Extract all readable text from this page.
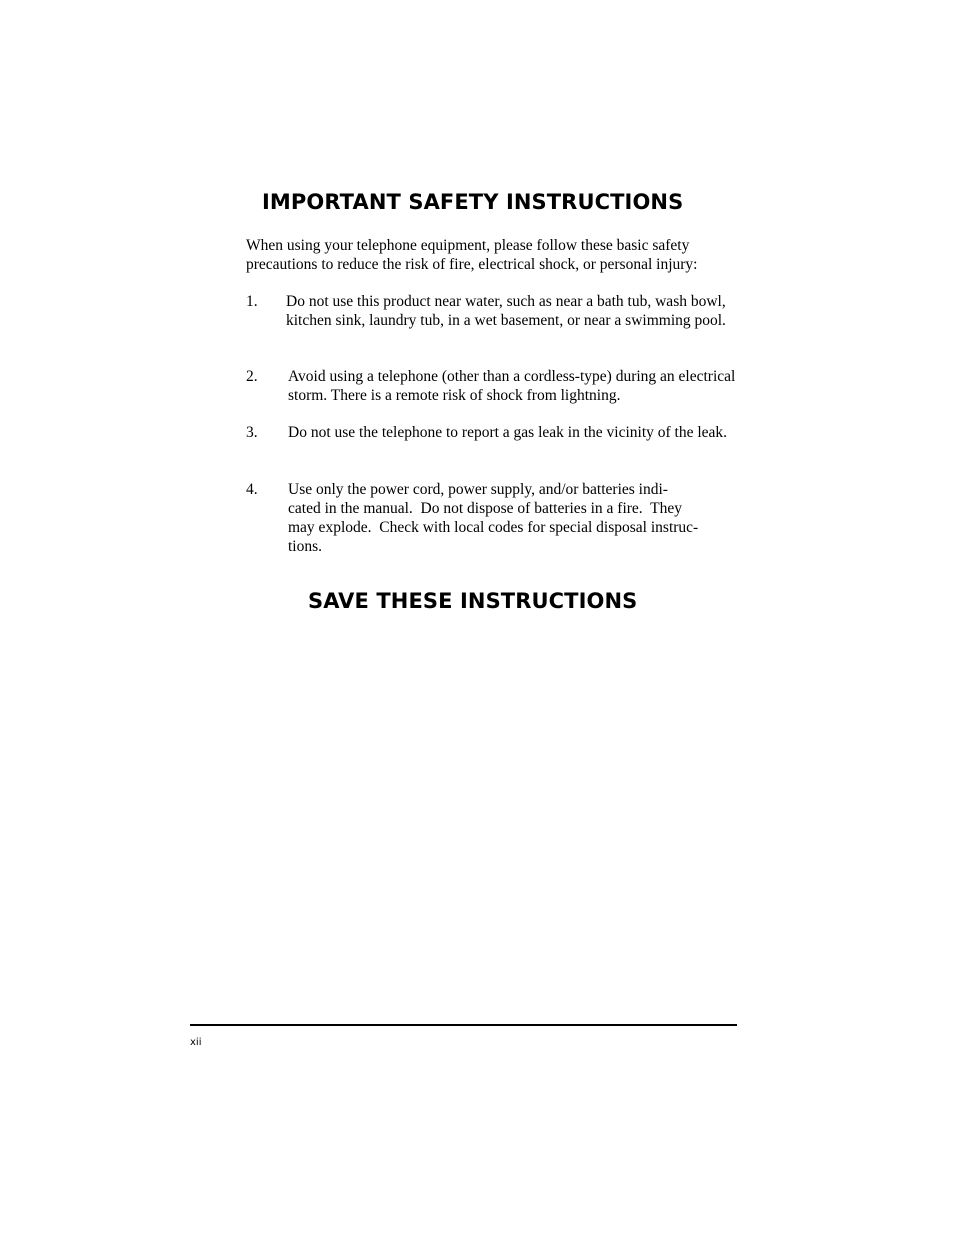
IMPORTANT SAFETY INSTRUCTIONS

When using your telephone equipment, please follow these basic safety precautions to reduce the risk of fire, electrical shock, or personal injury:

1. Do not use this product near water, such as near a bath tub, wash bowl, kitchen sink, laundry tub, in a wet basement, or near a swimming pool.
2. Avoid using a telephone (other than a cordless-type) during an electrical storm. There is a remote risk of shock from lightning.
3. Do not use the telephone to report a gas leak in the vicinity of the leak.
4. Use only the power cord, power supply, and/or batteries indi-
cated in the manual.  Do not dispose of batteries in a fire.  They
may explode.  Check with local codes for special disposal instruc-
tions.
SAVE THESE INSTRUCTIONS
xii
